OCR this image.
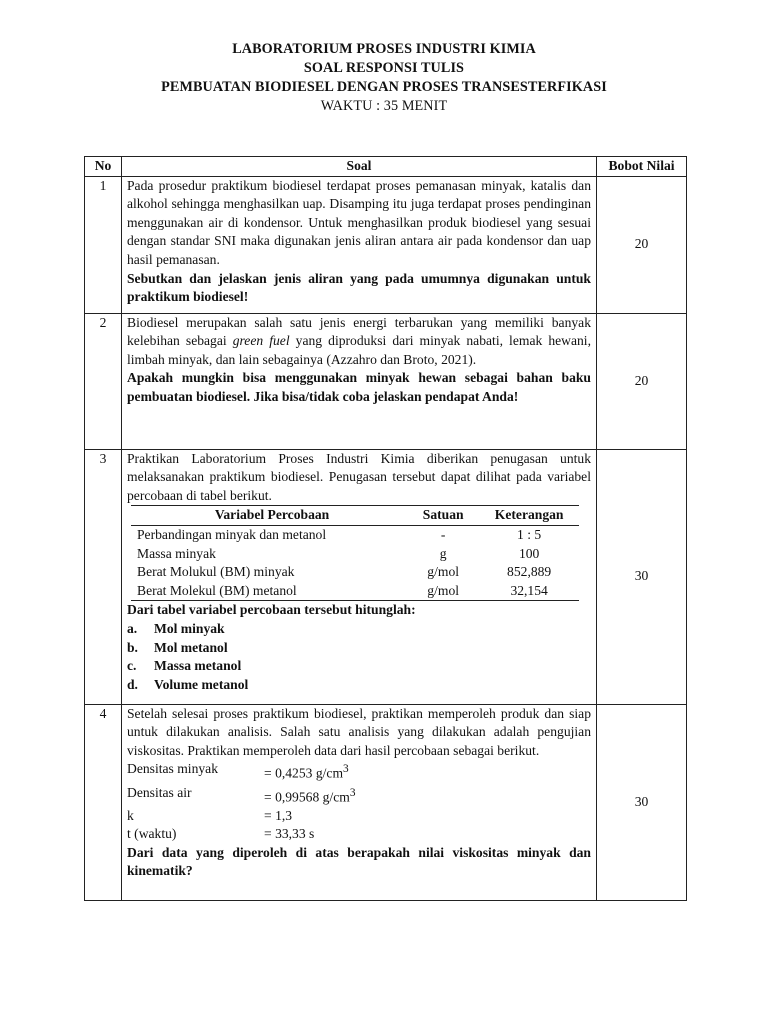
LABORATORIUM PROSES INDUSTRI KIMIA
SOAL RESPONSI TULIS
PEMBUATAN BIODIESEL DENGAN PROSES TRANSESTERFIKASI
WAKTU : 35 MENIT
No	Soal	Bobot Nilai
1	Pada prosedur praktikum biodiesel terdapat proses pemanasan minyak, katalis dan alkohol sehingga menghasilkan uap. Disamping itu juga terdapat proses pendinginan menggunakan air di kondensor. Untuk menghasilkan produk biodiesel yang sesuai dengan standar SNI maka digunakan jenis aliran antara air pada kondensor dan uap hasil pemanasan.

Sebutkan dan jelaskan jenis aliran yang pada umumnya digunakan untuk praktikum biodiesel!

	20
2	Biodiesel merupakan salah satu jenis energi terbarukan yang memiliki banyak kelebihan sebagai green fuel yang diproduksi dari minyak nabati, lemak hewani, limbah minyak, dan lain sebagainya (Azzahro dan Broto, 2021).

Apakah mungkin bisa menggunakan minyak hewan sebagai bahan baku pembuatan biodiesel. Jika bisa/tidak coba jelaskan pendapat Anda!

	20
3	Praktikan Laboratorium Proses Industri Kimia diberikan penugasan untuk melaksanakan praktikum biodiesel. Penugasan tersebut dapat dilihat pada variabel percobaan di tabel berikut.

Variabel Percobaan	Satuan	Keterangan
Perbandingan minyak dan metanol	-	1 : 5
Massa minyak	g	100
Berat Molukul (BM) minyak	g/mol	852,889
Berat Molekul (BM) metanol	g/mol	32,154

Dari tabel variabel percobaan tersebut hitunglah:

a. Mol minyak
b. Mol metanol
c. Massa metanol
d. Volume metanol
	30
4	Setelah selesai proses praktikum biodiesel, praktikan memperoleh produk dan siap untuk dilakukan analisis. Salah satu analisis yang dilakukan adalah pengujian viskositas. Praktikan memperoleh data dari hasil percobaan sebagai berikut.

Densitas minyak	= 0,4253 $g/cm^3$
Densitas air	= 0,99568 $g/cm^3$
k	= 1,3
t (waktu)	= 33,33 s

Dari data yang diperoleh di atas berapakah nilai viskositas minyak dan kinematik?

	30
